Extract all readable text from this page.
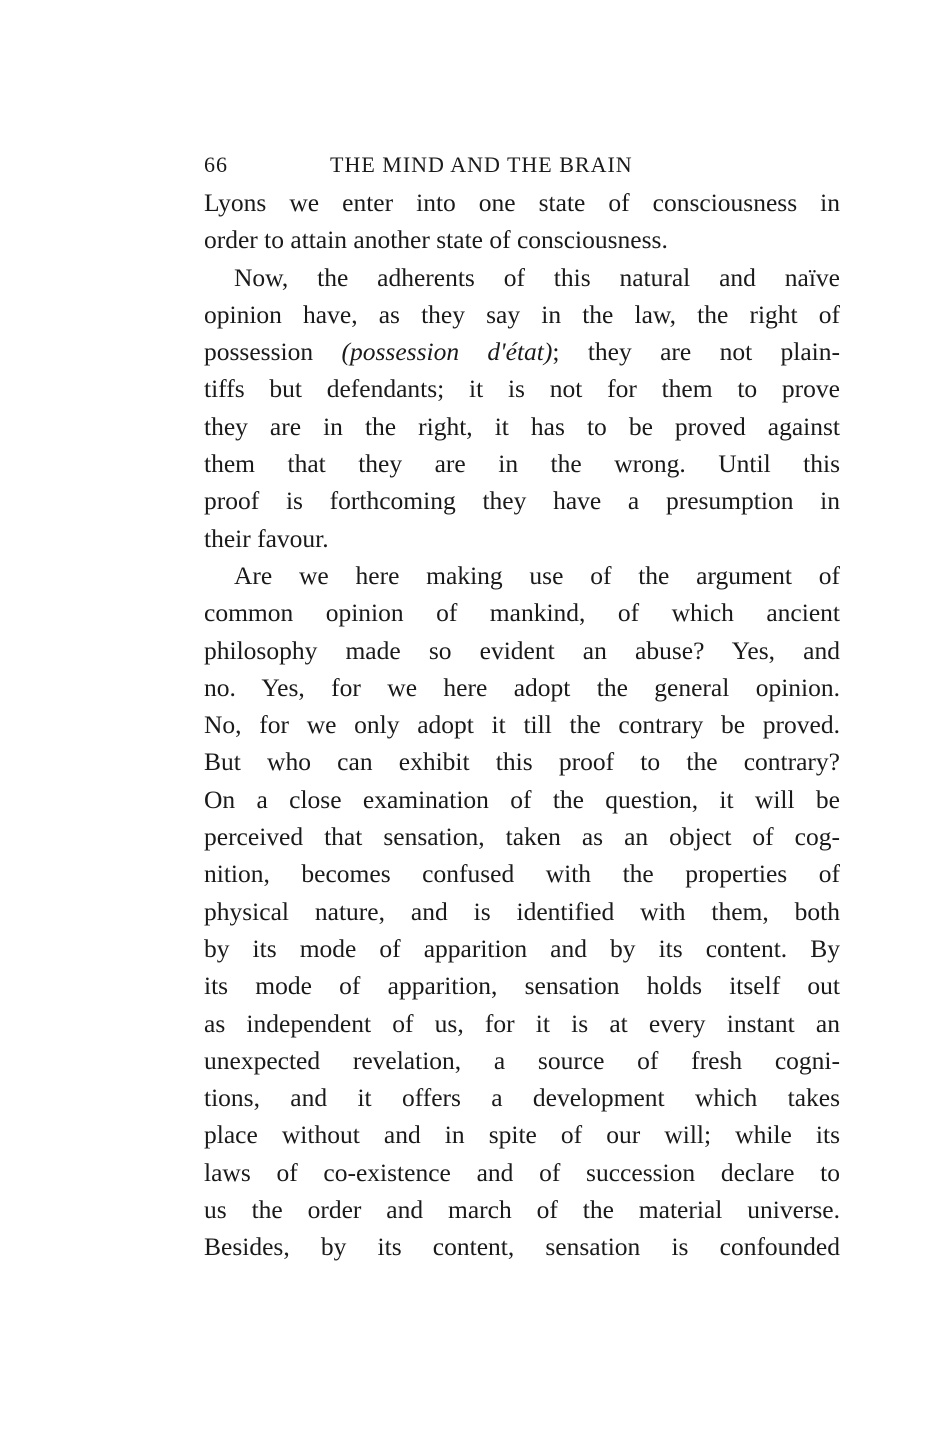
66	THE MIND AND THE BRAIN
Lyons we enter into one state of consciousness in
order to attain another state of consciousness.
Now, the adherents of this natural and naïve
opinion have, as they say in the law, the right of
possession (possession d'état); they are not plain-
tiffs but defendants; it is not for them to prove
they are in the right, it has to be proved against
them that they are in the wrong. Until this
proof is forthcoming they have a presumption in
their favour.
Are we here making use of the argument of
common opinion of mankind, of which ancient
philosophy made so evident an abuse? Yes, and
no. Yes, for we here adopt the general opinion.
No, for we only adopt it till the contrary be proved.
But who can exhibit this proof to the contrary?
On a close examination of the question, it will be
perceived that sensation, taken as an object of cog-
nition, becomes confused with the properties of
physical nature, and is identified with them, both
by its mode of apparition and by its content. By
its mode of apparition, sensation holds itself out
as independent of us, for it is at every instant an
unexpected revelation, a source of fresh cogni-
tions, and it offers a development which takes
place without and in spite of our will; while its
laws of co-existence and of succession declare to
us the order and march of the material universe.
Besides, by its content, sensation is confounded
